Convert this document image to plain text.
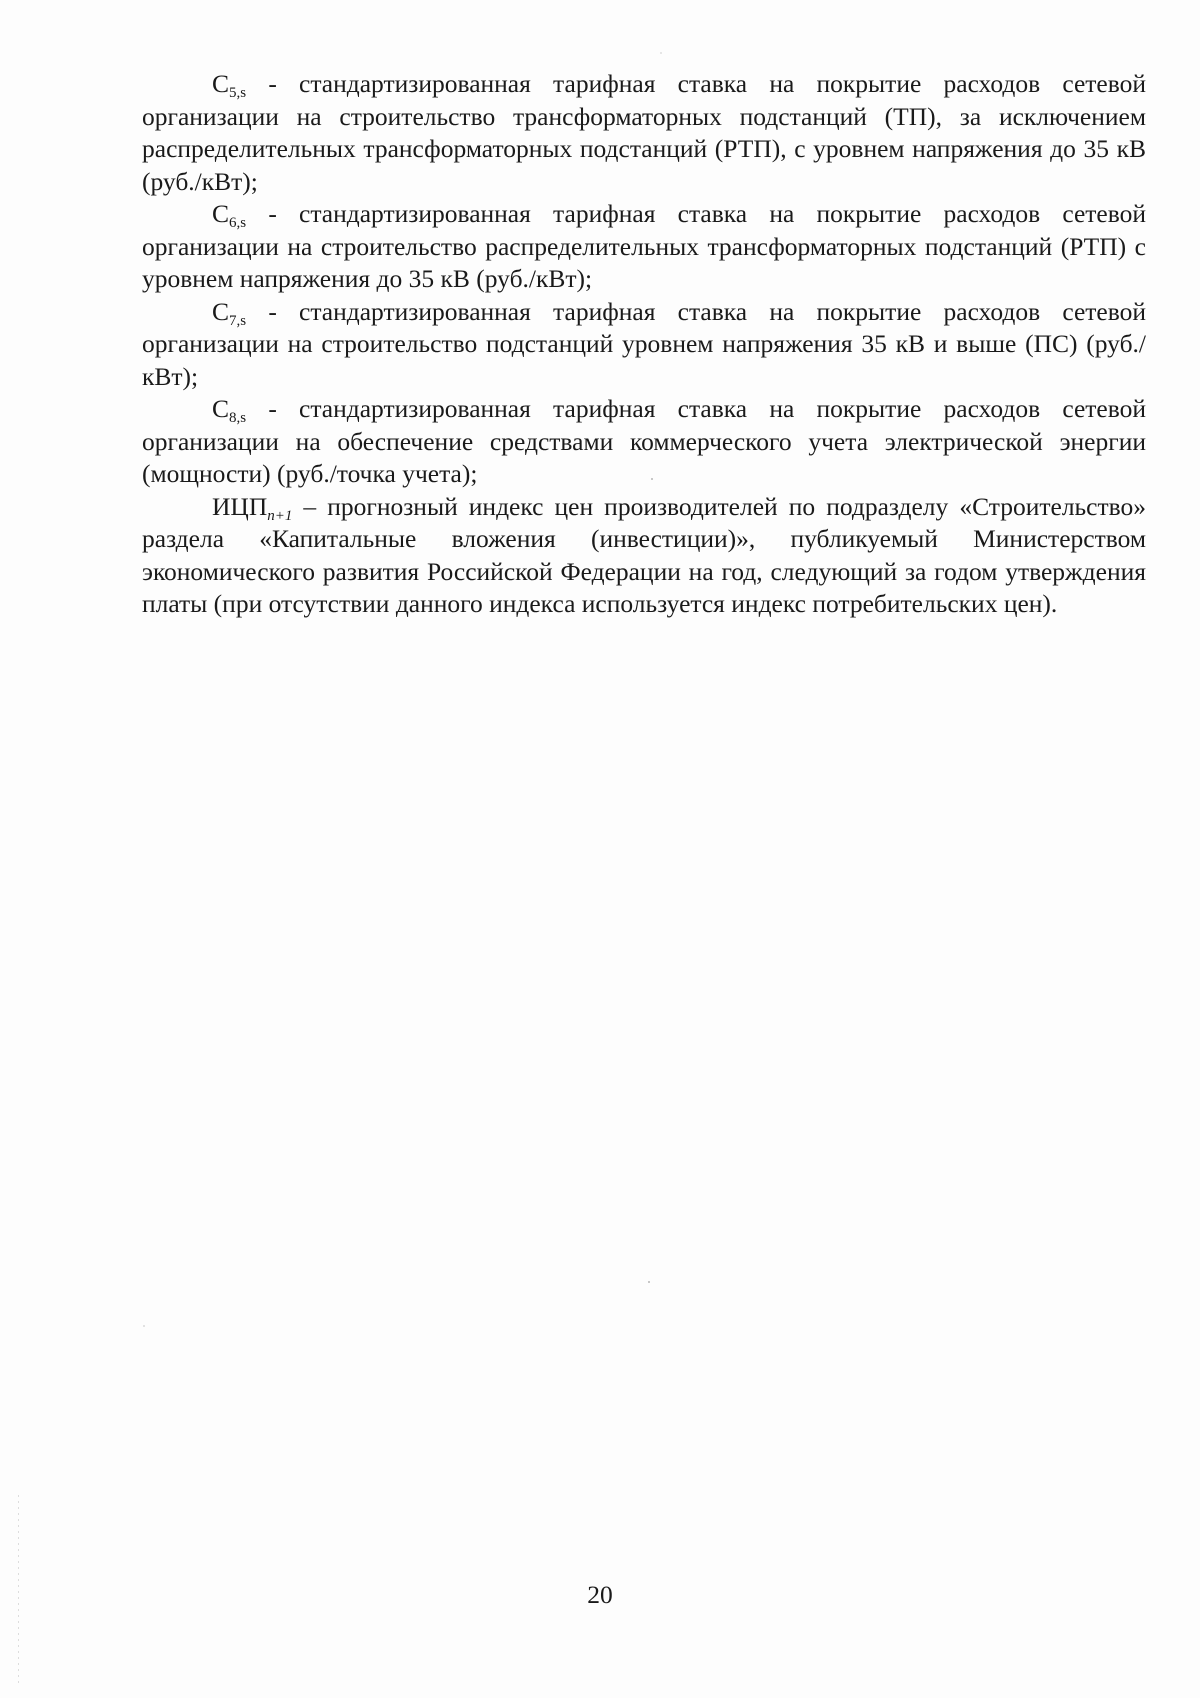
$C_{5,s}$ - стандартизированная тарифная ставка на покрытие расходов сетевой организации на строительство трансформаторных подстанций (ТП), за исключением распределительных трансформаторных подстанций (РТП), с уровнем напряжения до 35 кВ (руб./кВт);

$C_{6,s}$ - стандартизированная тарифная ставка на покрытие расходов сетевой организации на строительство распределительных трансформаторных подстанций (РТП) с уровнем напряжения до 35 кВ (руб./кВт);

$C_{7,s}$ - стандартизированная тарифная ставка на покрытие расходов сетевой организации на строительство подстанций уровнем напряжения 35 кВ и выше (ПС) (руб./кВт);

$C_{8,s}$ - стандартизированная тарифная ставка на покрытие расходов сетевой организации на обеспечение средствами коммерческого учета электрической энергии (мощности) (руб./точка учета);

$ИЦП_{n+1}$ – прогнозный индекс цен производителей по подразделу «Строительство» раздела «Капитальные вложения (инвестиции)», публикуемый Министерством экономического развития Российской Федерации на год, следующий за годом утверждения платы (при отсутствии данного индекса используется индекс потребительских цен).

20
